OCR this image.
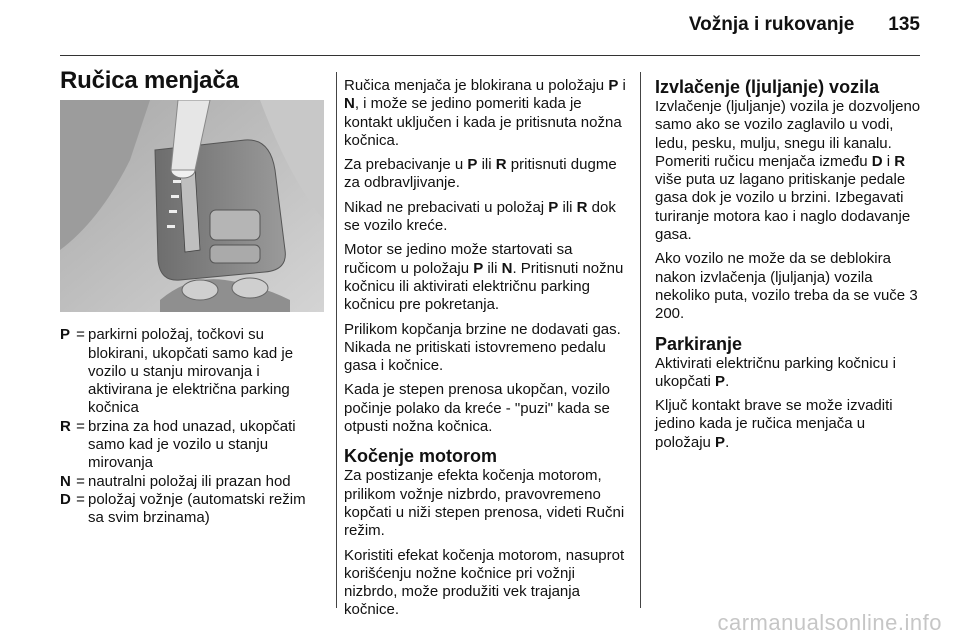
Vožnja i rukovanje 135
Ručica menjača
P = parkirni položaj, točkovi su blokirani, ukopčati samo kad je vozilo u stanju mirovanja i aktivirana je električna parking kočnica
R = brzina za hod unazad, ukopčati samo kad je vozilo u stanju mirovanja
N = nautralni položaj ili prazan hod
D = položaj vožnje (automatski režim sa svim brzinama)

Ručica menjača je blokirana u položaju P i N, i može se jedino pomeriti kada je kontakt uključen i kada je pritisnuta nožna kočnica.

Za prebacivanje u P ili R pritisnuti dugme za odbravljivanje.

Nikad ne prebacivati u položaj P ili R dok se vozilo kreće.

Motor se jedino može startovati sa ručicom u položaju P ili N. Pritisnuti nožnu kočnicu ili aktivirati električnu parking kočnicu pre pokretanja.

Prilikom kopčanja brzine ne dodavati gas. Nikada ne pritiskati istovremeno pedalu gasa i kočnice.

Kada je stepen prenosa ukopčan, vozilo počinje polako da kreće - "puzi" kada se otpusti nožna kočnica.

Kočenje motorom

Za postizanje efekta kočenja motorom, prilikom vožnje nizbrdo, pravovremeno kopčati u niži stepen prenosa, videti Ručni režim.

Koristiti efekat kočenja motorom, nasuprot korišćenju nožne kočnice pri vožnji nizbrdo, može produžiti vek trajanja kočnice.

Izvlačenje (ljuljanje) vozila

Izvlačenje (ljuljanje) vozila je dozvoljeno samo ako se vozilo zaglavilo u vodi, ledu, pesku, mulju, snegu ili kanalu. Pomeriti ručicu menjača između D i R više puta uz lagano pritiskanje pedale gasa dok je vozilo u brzini. Izbegavati turiranje motora kao i naglo dodavanje gasa.

Ako vozilo ne može da se deblokira nakon izvlačenja (ljuljanja) vozila nekoliko puta, vozilo treba da se vuče 3 200.

Parkiranje

Aktivirati električnu parking kočnicu i ukopčati P.

Ključ kontakt brave se može izvaditi jedino kada je ručica menjača u položaju P.

carmanualsonline.info
